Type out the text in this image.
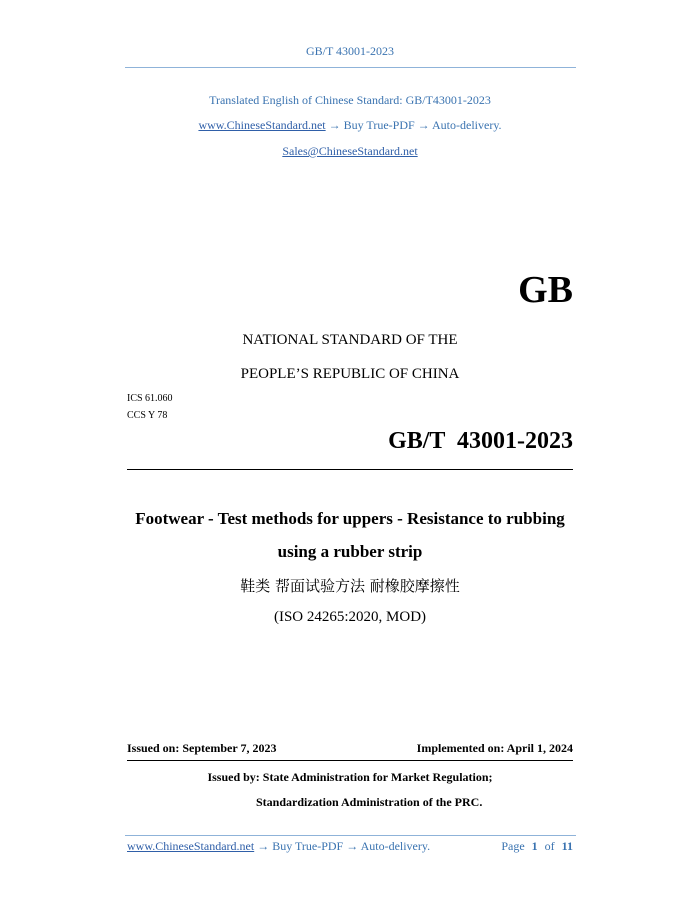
GB/T 43001-2023
Translated English of Chinese Standard: GB/T43001-2023
www.ChineseStandard.net → Buy True-PDF → Auto-delivery.
Sales@ChineseStandard.net
GB
NATIONAL STANDARD OF THE
PEOPLE’S REPUBLIC OF CHINA
ICS 61.060
CCS Y 78
GB/T  43001-2023
Footwear - Test methods for uppers - Resistance to rubbing
using a rubber strip
鞋类 帮面试验方法 耐橡胶摩擦性
(ISO 24265:2020, MOD)
Issued on: September 7, 2023	Implemented on: April 1, 2024
Issued by: State Administration for Market Regulation;
Standardization Administration of the PRC.
www.ChineseStandard.net → Buy True-PDF → Auto-delivery.	Page 1 of 11
